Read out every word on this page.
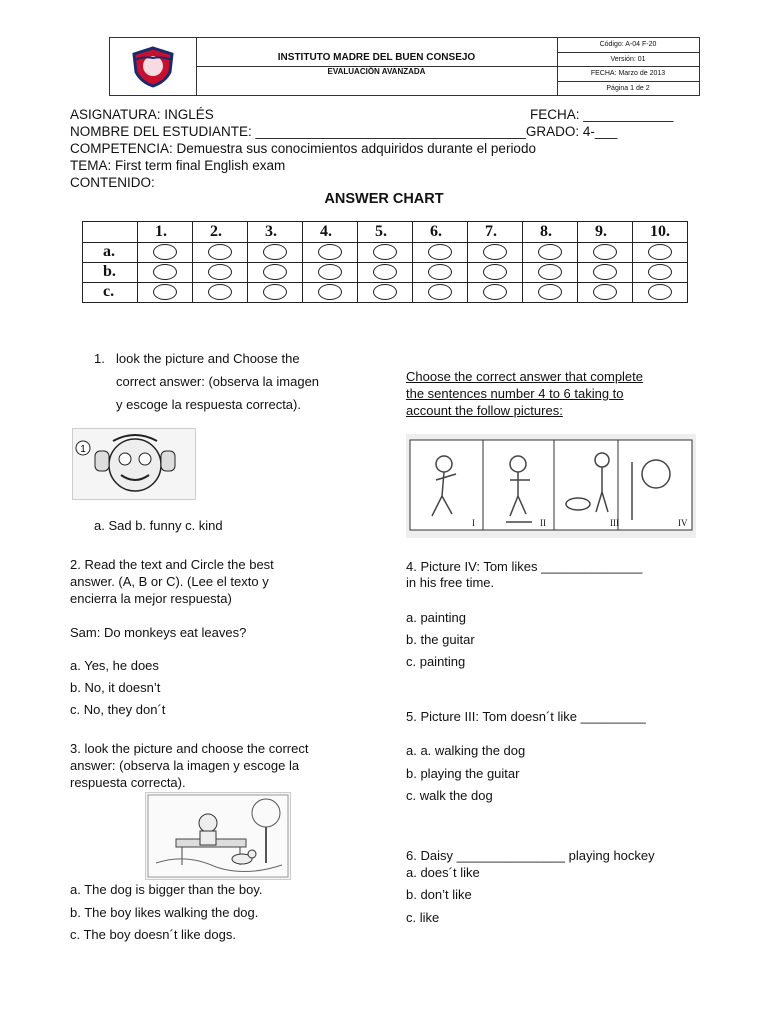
INSTITUTO MADRE DEL BUEN CONSEJO
EVALUACIÓN AVANZADA
Código: A-04 F-20
Versión: 01
FECHA: Marzo de 2013
Página 1 de 2
ASIGNATURA: INGLÉS	FECHA: ____________
NOMBRE DEL ESTUDIANTE: ____________________________________GRADO: 4-___
COMPETENCIA: Demuestra sus conocimientos adquiridos durante el periodo
TEMA: First term final English exam
CONTENIDO:
ANSWER CHART
1.	2.	3.	4.	5.	6.	7.	8.	9.	10.
a.
b.
c.
1. look the picture and Choose the
correct answer: (observa la imagen
y escoge la respuesta correcta).
1
a. Sad b. funny c. kind
2. Read the text and Circle the best
answer. (A, B or C). (Lee el texto y
encierra la mejor respuesta)
Sam: Do monkeys eat leaves?
a. Yes, he does
b. No, it doesn’t
c. No, they don´t
3. look the picture and choose the correct
answer: (observa la imagen y escoge la
respuesta correcta).
a. The dog is bigger than the boy.
b. The boy likes walking the dog.
c. The boy doesn´t like dogs.
Choose the correct answer that complete
the sentences number 4 to 6 taking to
account the follow pictures:
I	II	III	IV
4. Picture IV: Tom likes ______________
in his free time.
a. painting
b. the guitar
c. painting
5. Picture III: Tom doesn´t like _________
a. a. walking the dog
b. playing the guitar
c. walk the dog
6. Daisy _______________ playing hockey
a. does´t like
b. don’t like
c. like
